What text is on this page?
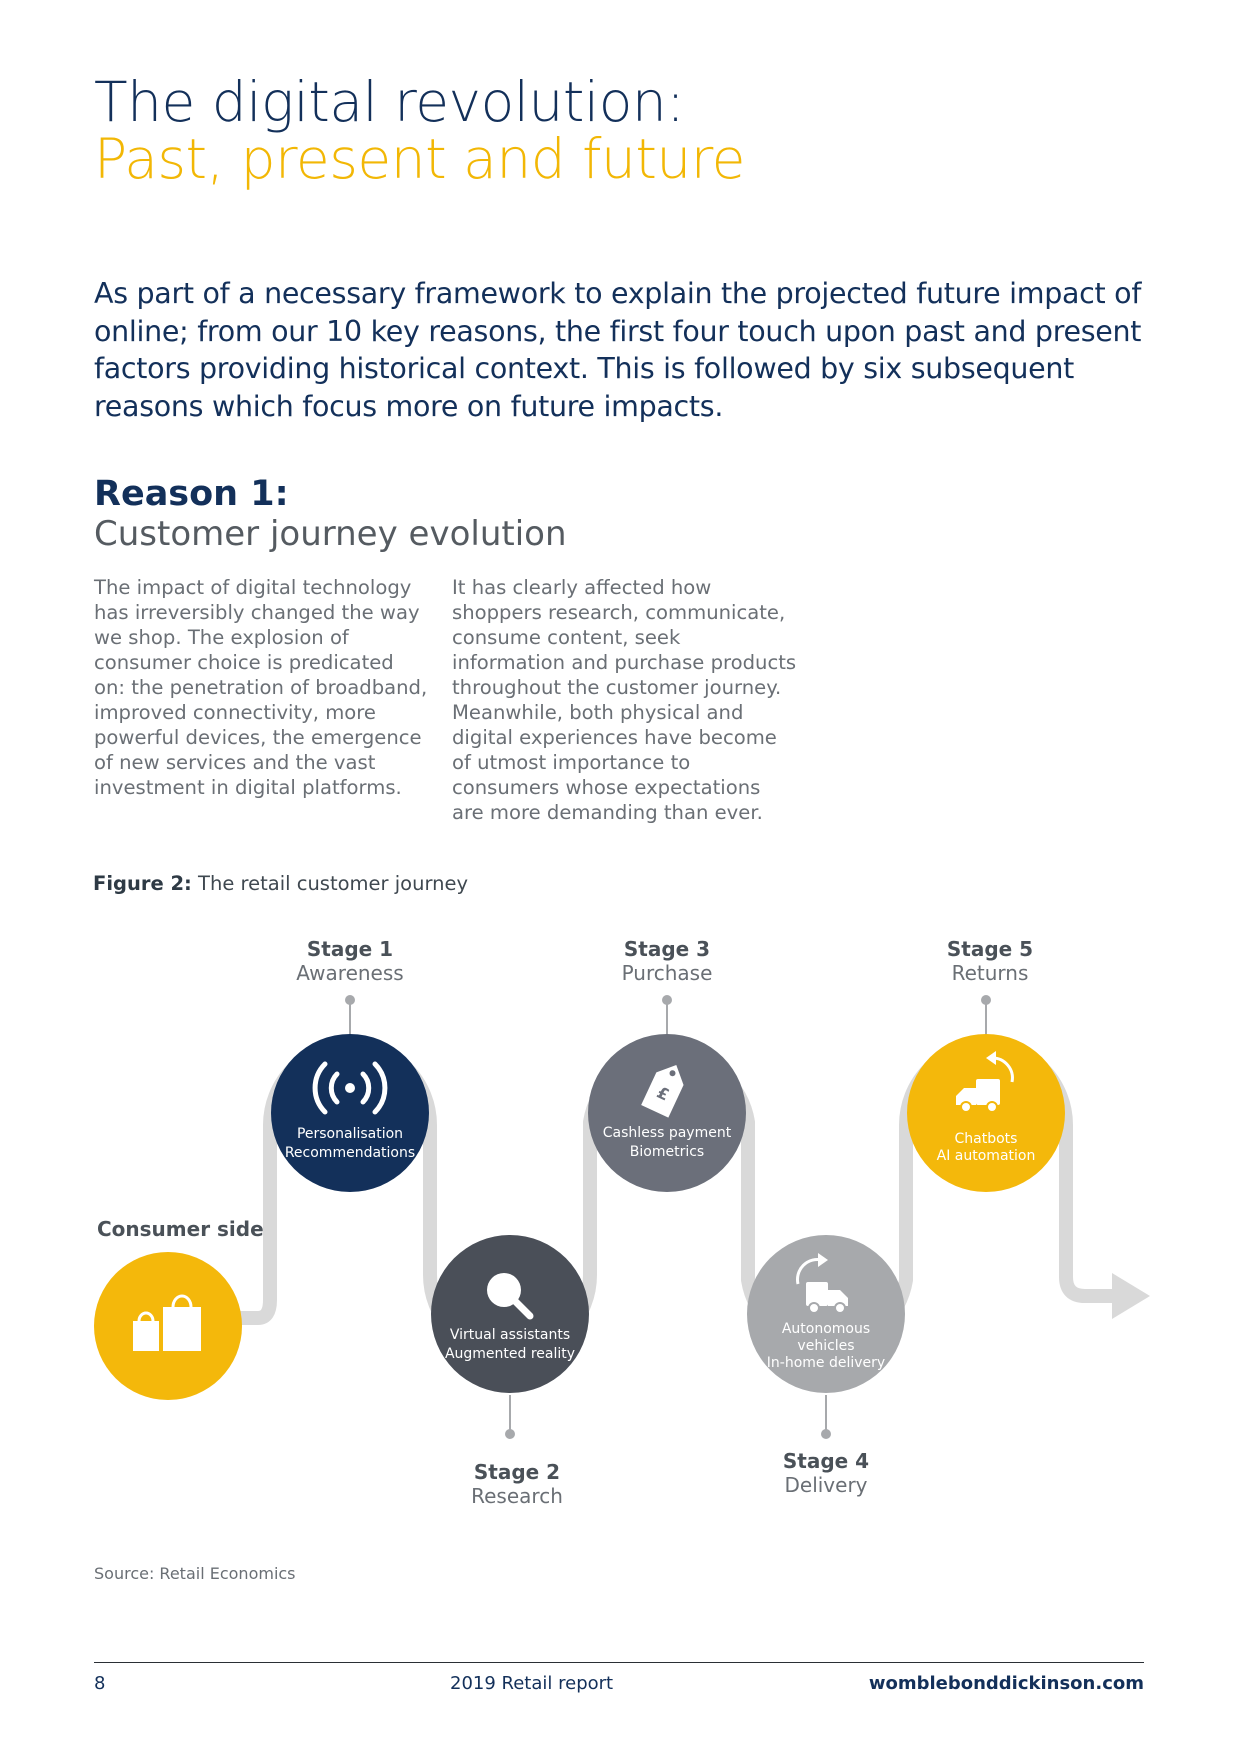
The digital revolution:
Past, present and future
As part of a necessary framework to explain the projected future impact of online; from our 10 key reasons, the first four touch upon past and present factors providing historical context. This is followed by six subsequent reasons which focus more on future impacts.
Reason 1:
Customer journey evolution
The impact of digital technology has irreversibly changed the way we shop. The explosion of consumer choice is predicated on: the penetration of broadband, improved connectivity, more powerful devices, the emergence of new services and the vast investment in digital platforms.
It has clearly affected how shoppers research, communicate, consume content, seek information and purchase products throughout the customer journey. Meanwhile, both physical and digital experiences have become of utmost importance to consumers whose expectations are more demanding than ever.
Figure 2: The retail customer journey
£
Stage 1
Awareness
Stage 3
Purchase
Stage 5
Returns
Stage 2
Research
Stage 4
Delivery
Consumer side
Personalisation
Recommendations
Virtual assistants
Augmented reality
Cashless payment
Biometrics
Autonomous
vehicles
In-home delivery
Chatbots
AI automation
Source: Retail Economics
8	2019 Retail report	womblebonddickinson.com
